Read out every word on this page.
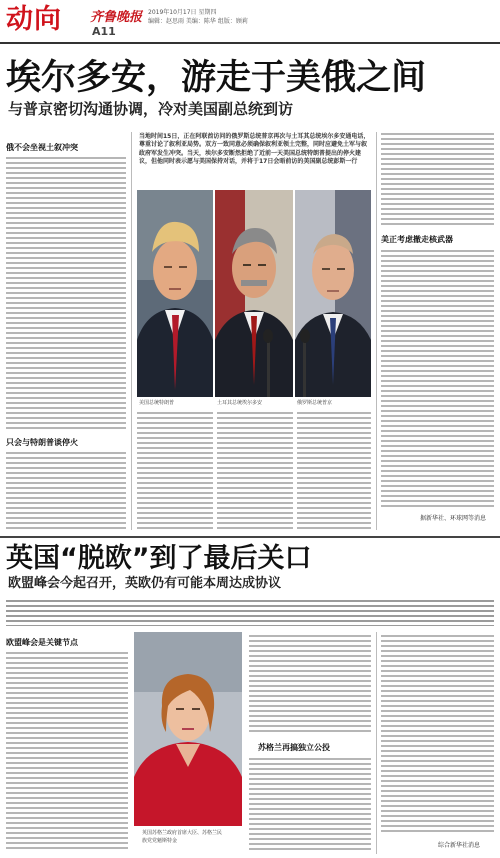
动向 齐鲁晚报
A11
2019年10月17日 星期四
编辑：赵思雨 美编：陈华 组版：顾莉
埃尔多安，游走于美俄之间
与普京密切沟通协调，冷对美国副总统到访
俄不会坐视土叙冲突
只会与特朗普谈停火
当地时间15日，正在阿联酋访问的俄罗斯总统普京再次与土耳其总统埃尔多安通电话，尊重讨论了叙利亚局势。双方一致同意必须确保叙利亚领土完整，同时应避免土军与叙政府军发生冲突。当天，埃尔多安断然拒绝了近前一天美国总统特朗普提出的停火建议，但他同时表示愿与美国保持对话，并将于17日会晤前访的美国副总统彭斯一行
美国总统特朗普	土耳其总统埃尔多安	俄罗斯总统普京
美正考虑撤走核武器
据新华社、环球网等消息
英国“脱欧”到了最后关口
欧盟峰会今起召开，英欧仍有可能本周达成协议
欧盟峰会是关键节点
英国苏格兰政府首席大臣、苏格兰民
族党党魁斯特金
苏格兰再搞独立公投
综合新华社消息
